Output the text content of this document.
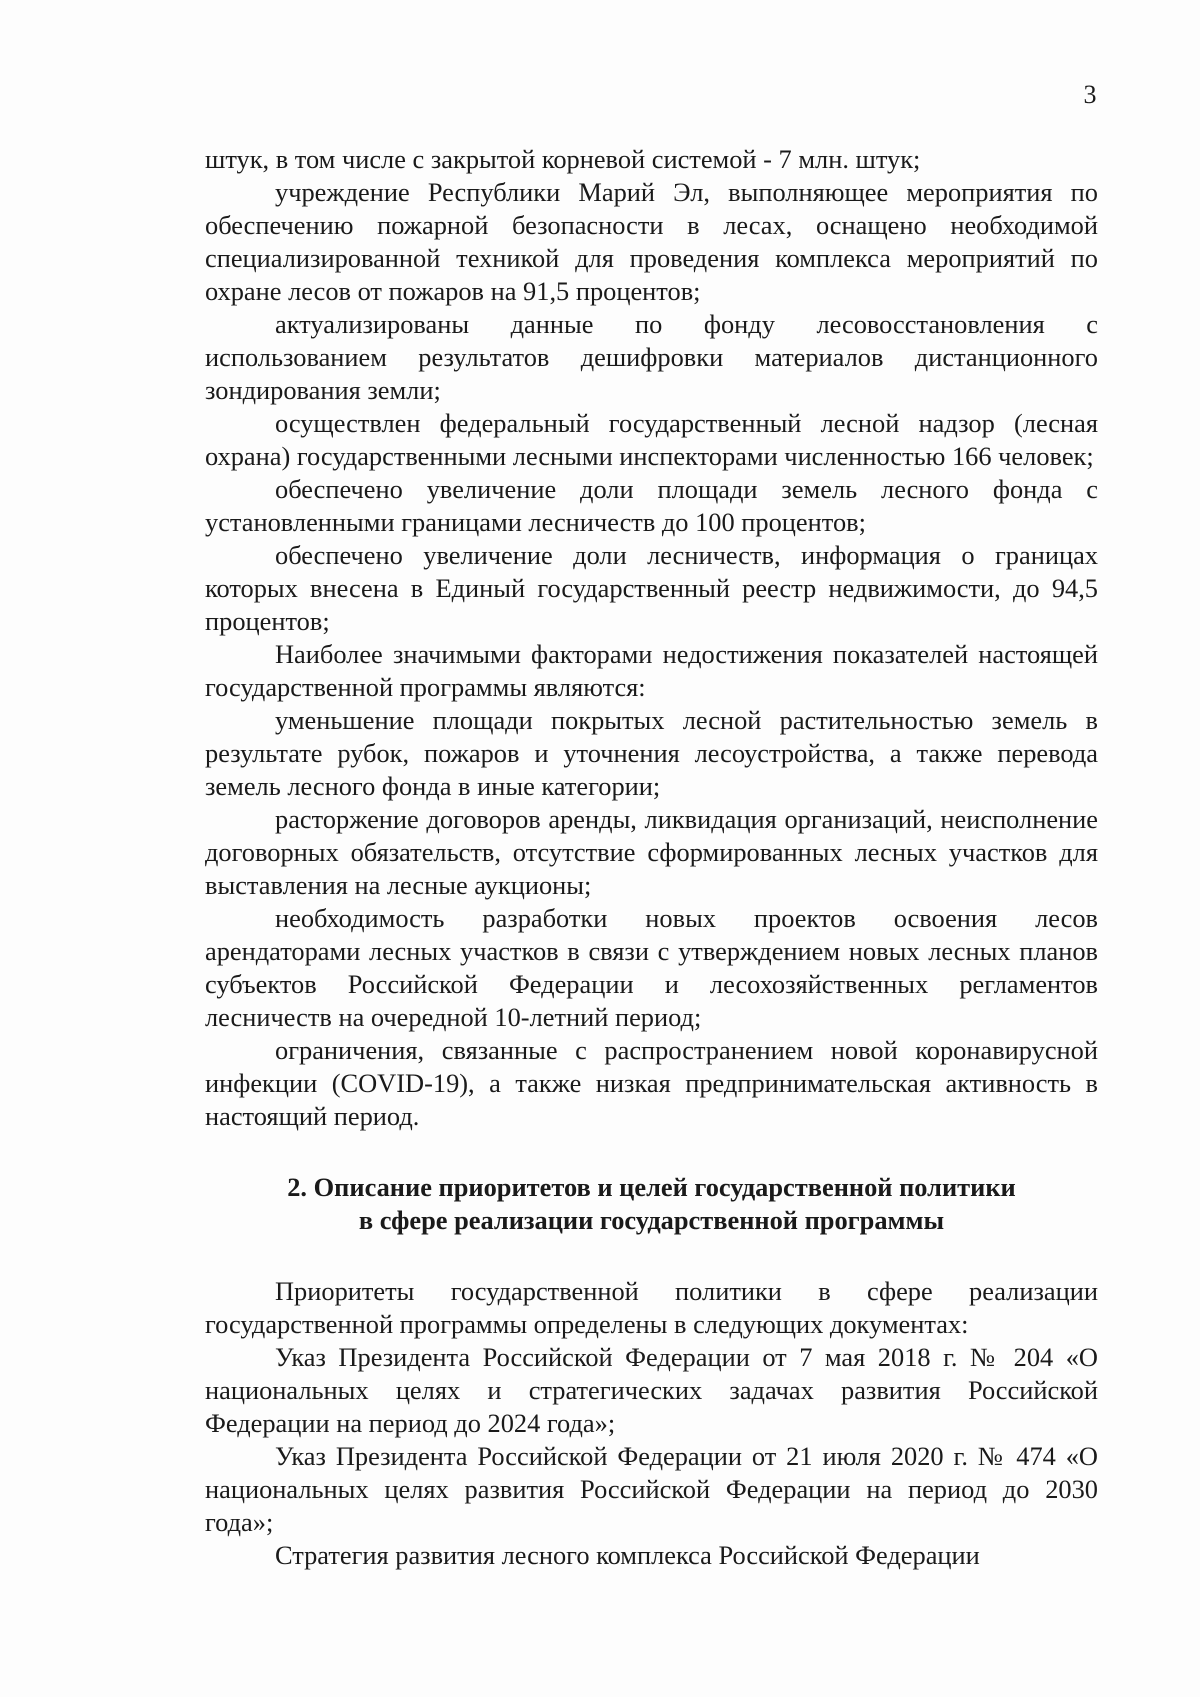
3

штук, в том числе с закрытой корневой системой - 7 млн. штук;

учреждение Республики Марий Эл, выполняющее мероприятия по обеспечению пожарной безопасности в лесах, оснащено необходимой специализированной техникой для проведения комплекса мероприятий по охране лесов от пожаров на 91,5 процентов;

актуализированы данные по фонду лесовосстановления с использованием результатов дешифровки материалов дистанционного зондирования земли;

осуществлен федеральный государственный лесной надзор (лесная охрана) государственными лесными инспекторами численностью 166 человек;

обеспечено увеличение доли площади земель лесного фонда с установленными границами лесничеств до 100 процентов;

обеспечено увеличение доли лесничеств, информация о границах которых внесена в Единый государственный реестр недвижимости, до 94,5 процентов;

Наиболее значимыми факторами недостижения показателей настоящей государственной программы являются:

уменьшение площади покрытых лесной растительностью земель в результате рубок, пожаров и уточнения лесоустройства, а также перевода земель лесного фонда в иные категории;

расторжение договоров аренды, ликвидация организаций, неисполнение договорных обязательств, отсутствие сформированных лесных участков для выставления на лесные аукционы;

необходимость разработки новых проектов освоения лесов арендаторами лесных участков в связи с утверждением новых лесных планов субъектов Российской Федерации и лесохозяйственных регламентов лесничеств на очередной 10-летний период;

ограничения, связанные с распространением новой коронавирусной инфекции (COVID-19), а также низкая предпринимательская активность в настоящий период.

2. Описание приоритетов и целей государственной политики
в сфере реализации государственной программы

Приоритеты государственной политики в сфере реализации государственной программы определены в следующих документах:

Указ Президента Российской Федерации от 7 мая 2018 г. № 204 «О национальных целях и стратегических задачах развития Российской Федерации на период до 2024 года»;

Указ Президента Российской Федерации от 21 июля 2020 г. № 474 «О национальных целях развития Российской Федерации на период до 2030 года»;

Стратегия развития лесного комплекса Российской Федерации
